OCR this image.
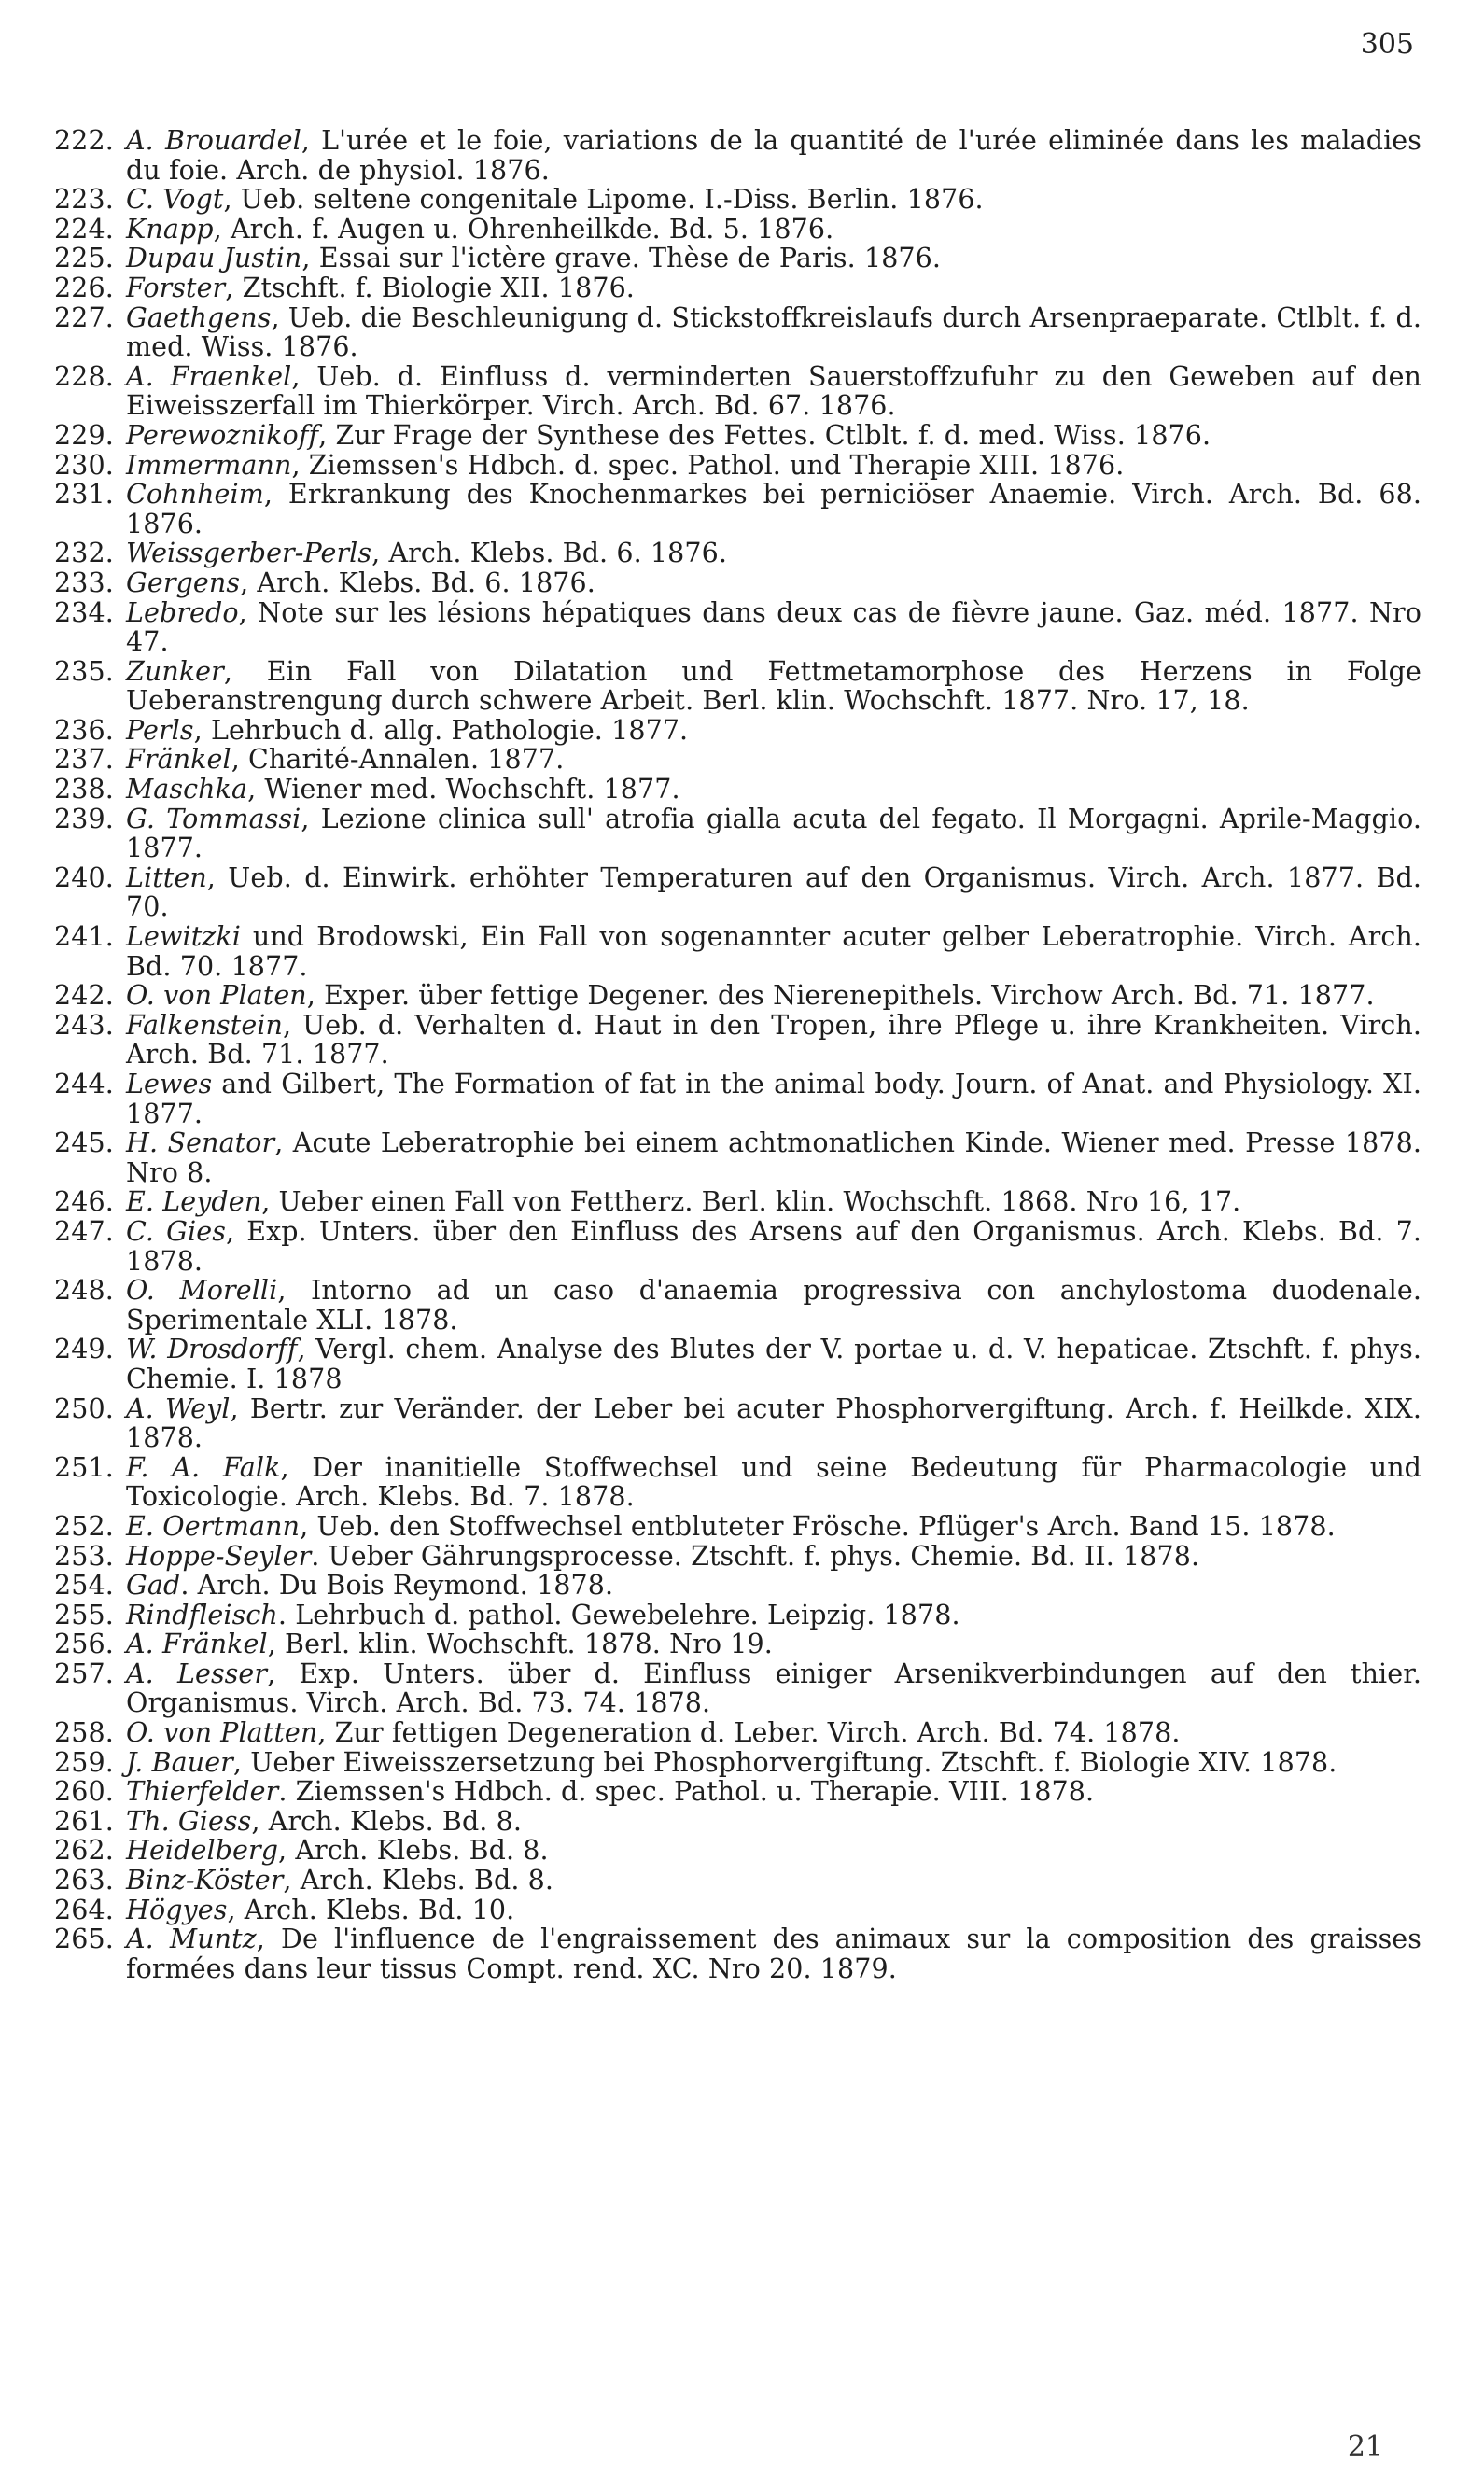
305
222. A. Brouardel, L'urée et le foie, variations de la quantité de l'urée eliminée dans les maladies du foie. Arch. de physiol. 1876.
223. C. Vogt, Ueb. seltene congenitale Lipome. I.-Diss. Berlin. 1876.
224. Knapp, Arch. f. Augen u. Ohrenheilkde. Bd. 5. 1876.
225. Dupau Justin, Essai sur l'ictère grave. Thèse de Paris. 1876.
226. Forster, Ztschft. f. Biologie XII. 1876.
227. Gaethgens, Ueb. die Beschleunigung d. Stickstoffkreislaufs durch Arsenpraeparate. Ctlblt. f. d. med. Wiss. 1876.
228. A. Fraenkel, Ueb. d. Einfluss d. verminderten Sauerstoffzufuhr zu den Geweben auf den Eiweisszerfall im Thierkörper. Virch. Arch. Bd. 67. 1876.
229. Perewoznikoff, Zur Frage der Synthese des Fettes. Ctlblt. f. d. med. Wiss. 1876.
230. Immermann, Ziemssen's Hdbch. d. spec. Pathol. und Therapie XIII. 1876.
231. Cohnheim, Erkrankung des Knochenmarkes bei perniciöser Anaemie. Virch. Arch. Bd. 68. 1876.
232. Weissgerber-Perls, Arch. Klebs. Bd. 6. 1876.
233. Gergens, Arch. Klebs. Bd. 6. 1876.
234. Lebredo, Note sur les lésions hépatiques dans deux cas de fièvre jaune. Gaz. méd. 1877. Nro 47.
235. Zunker, Ein Fall von Dilatation und Fettmetamorphose des Herzens in Folge Ueberanstrengung durch schwere Arbeit. Berl. klin. Wochschft. 1877. Nro. 17, 18.
236. Perls, Lehrbuch d. allg. Pathologie. 1877.
237. Fränkel, Charité-Annalen. 1877.
238. Maschka, Wiener med. Wochschft. 1877.
239. G. Tommassi, Lezione clinica sull' atrofia gialla acuta del fegato. Il Morgagni. Aprile-Maggio. 1877.
240. Litten, Ueb. d. Einwirk. erhöhter Temperaturen auf den Organismus. Virch. Arch. 1877. Bd. 70.
241. Lewitzki und Brodowski, Ein Fall von sogenannter acuter gelber Leberatrophie. Virch. Arch. Bd. 70. 1877.
242. O. von Platen, Exper. über fettige Degener. des Nierenepithels. Virchow Arch. Bd. 71. 1877.
243. Falkenstein, Ueb. d. Verhalten d. Haut in den Tropen, ihre Pflege u. ihre Krankheiten. Virch. Arch. Bd. 71. 1877.
244. Lewes and Gilbert, The Formation of fat in the animal body. Journ. of Anat. and Physiology. XI. 1877.
245. H. Senator, Acute Leberatrophie bei einem achtmonatlichen Kinde. Wiener med. Presse 1878. Nro 8.
246. E. Leyden, Ueber einen Fall von Fettherz. Berl. klin. Wochschft. 1868. Nro 16, 17.
247. C. Gies, Exp. Unters. über den Einfluss des Arsens auf den Organismus. Arch. Klebs. Bd. 7. 1878.
248. O. Morelli, Intorno ad un caso d'anaemia progressiva con anchylostoma duodenale. Sperimentale XLI. 1878.
249. W. Drosdorff, Vergl. chem. Analyse des Blutes der V. portae u. d. V. hepaticae. Ztschft. f. phys. Chemie. I. 1878
250. A. Weyl, Bertr. zur Veränder. der Leber bei acuter Phosphorvergiftung. Arch. f. Heilkde. XIX. 1878.
251. F. A. Falk, Der inanitielle Stoffwechsel und seine Bedeutung für Pharmacologie und Toxicologie. Arch. Klebs. Bd. 7. 1878.
252. E. Oertmann, Ueb. den Stoffwechsel entbluteter Frösche. Pflüger's Arch. Band 15. 1878.
253. Hoppe-Seyler. Ueber Gährungsprocesse. Ztschft. f. phys. Chemie. Bd. II. 1878.
254. Gad. Arch. Du Bois Reymond. 1878.
255. Rindfleisch. Lehrbuch d. pathol. Gewebelehre. Leipzig. 1878.
256. A. Fränkel, Berl. klin. Wochschft. 1878. Nro 19.
257. A. Lesser, Exp. Unters. über d. Einfluss einiger Arsenikverbindungen auf den thier. Organismus. Virch. Arch. Bd. 73. 74. 1878.
258. O. von Platten, Zur fettigen Degeneration d. Leber. Virch. Arch. Bd. 74. 1878.
259. J. Bauer, Ueber Eiweisszersetzung bei Phosphorvergiftung. Ztschft. f. Biologie XIV. 1878.
260. Thierfelder. Ziemssen's Hdbch. d. spec. Pathol. u. Therapie. VIII. 1878.
261. Th. Giess, Arch. Klebs. Bd. 8.
262. Heidelberg, Arch. Klebs. Bd. 8.
263. Binz-Köster, Arch. Klebs. Bd. 8.
264. Högyes, Arch. Klebs. Bd. 10.
265. A. Muntz, De l'influence de l'engraissement des animaux sur la composition des graisses formées dans leur tissus Compt. rend. XC. Nro 20. 1879.
21
